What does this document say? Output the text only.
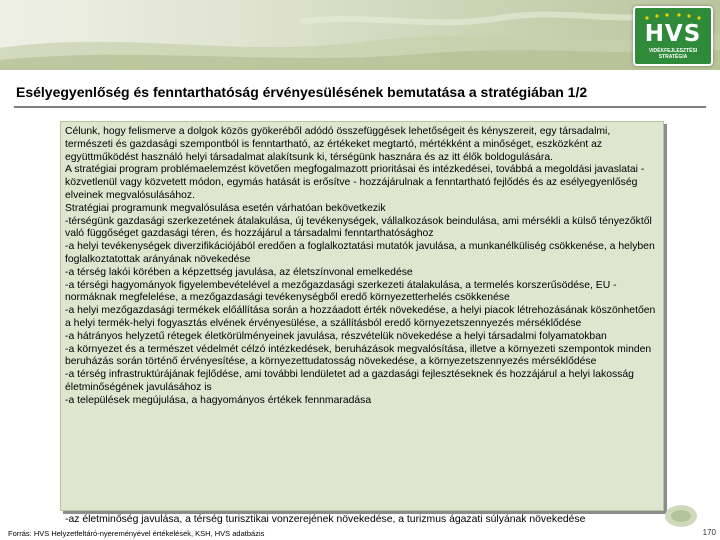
HVS
VIDÉKFEJLESZTÉSI STRATÉGIA
Esélyegyenlőség és fenntarthatóság érvényesülésének bemutatása a stratégiában 1/2
Célunk, hogy felismerve a dolgok közös gyökeréből adódó összefüggések lehetőségeit és kényszereit, egy társadalmi, természeti és gazdasági szempontból is fenntartható, az értékeket megtartó, mértékként a minőséget, eszközként az együttműködést használó helyi társadalmat alakítsunk ki, térségünk hasznára és az itt élők boldogulására.
A stratégiai program problémaelemzést követően megfogalmazott prioritásai és intézkedései, továbbá a megoldási javaslatai - közvetlenül vagy közvetett módon, egymás hatását is erősítve - hozzájárulnak a fenntartható fejlődés és az esélyegyenlőség elveinek megvalósulásához.
Stratégiai programunk megvalósulása esetén várhatóan bekövetkezik
-térségünk gazdasági szerkezetének átalakulása, új tevékenységek, vállalkozások beindulása, ami mérsékli a külső tényezőktől való függőséget gazdasági téren, és hozzájárul a társadalmi fenntarthatósághoz
-a helyi tevékenységek diverzifikációjából eredően a foglalkoztatási mutatók javulása, a munkanélküliség csökkenése, a helyben foglalkoztatottak arányának növekedése
-a térség lakói körében a képzettség javulása, az életszínvonal emelkedése
-a térségi hagyományok figyelembevételével a mezőgazdasági szerkezeti átalakulása, a termelés korszerűsödése, EU - normáknak megfelelése, a mezőgazdasági tevékenységből eredő környezetterhelés csökkenése
-a helyi mezőgazdasági termékek előállítása során a hozzáadott érték növekedése, a helyi piacok létrehozásának köszönhetően a helyi termék-helyi fogyasztás elvének érvényesülése, a szállításból eredő környezetszennyezés mérséklődése
-a hátrányos helyzetű rétegek életkörülményeinek javulása, részvételük növekedése a helyi társadalmi folyamatokban
-a környezet és a természet védelmét célzó intézkedések, beruházások megvalósítása, illetve a környezeti szempontok minden beruházás során történő érvényesítése, a környezettudatosság növekedése, a környezetszennyezés mérséklődése
-a térség infrastruktúrájának fejlődése, ami további lendületet ad a gazdasági fejlesztéseknek és hozzájárul a helyi lakosság életminőségének javulásához is
-a települések megújulása, a hagyományos értékek fennmaradása
-az életminőség javulása, a térség turisztikai vonzerejének növekedése, a turizmus ágazati súlyának növekedése
Forrás: HVS Helyzetfeltáró-nyereményével értékelések, KSH, HVS adatbázis	170
